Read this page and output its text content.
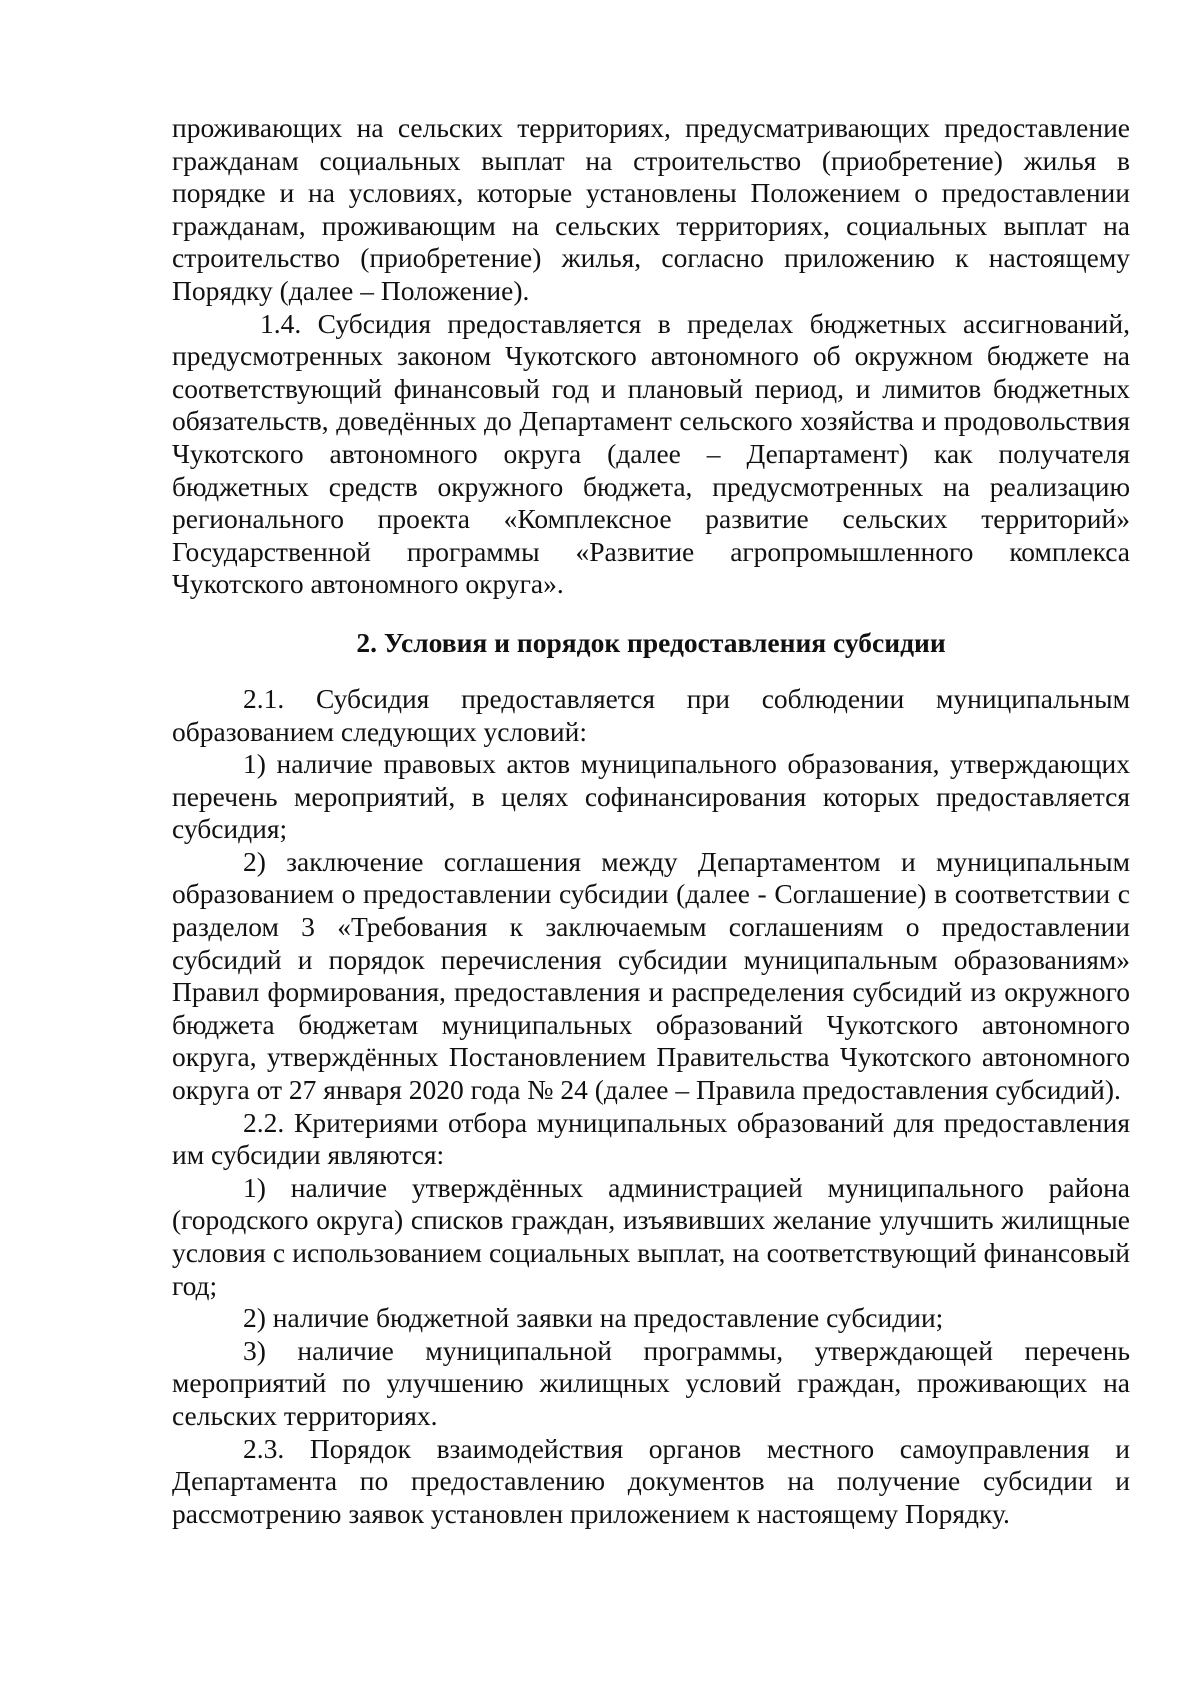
проживающих на сельских территориях, предусматривающих предоставление гражданам социальных выплат на строительство (приобретение) жилья в порядке и на условиях, которые установлены Положением о предоставлении гражданам, проживающим на сельских территориях, социальных выплат на строительство (приобретение) жилья, согласно приложению к настоящему Порядку (далее – Положение).

1.4. Субсидия предоставляется в пределах бюджетных ассигнований, предусмотренных законом Чукотского автономного об окружном бюджете на соответствующий финансовый год и плановый период, и лимитов бюджетных обязательств, доведённых до Департамент сельского хозяйства и продовольствия Чукотского автономного округа (далее – Департамент) как получателя бюджетных средств окружного бюджета, предусмотренных на реализацию регионального проекта «Комплексное развитие сельских территорий» Государственной программы «Развитие агропромышленного комплекса Чукотского автономного округа».

2. Условия и порядок предоставления субсидии

2.1. Субсидия предоставляется при соблюдении муниципальным образованием следующих условий:

1) наличие правовых актов муниципального образования, утверждающих перечень мероприятий, в целях софинансирования которых предоставляется субсидия;

2) заключение соглашения между Департаментом и муниципальным образованием о предоставлении субсидии (далее - Соглашение) в соответствии с разделом 3 «Требования к заключаемым соглашениям о предоставлении субсидий и порядок перечисления субсидии муниципальным образованиям» Правил формирования, предоставления и распределения субсидий из окружного бюджета бюджетам муниципальных образований Чукотского автономного округа, утверждённых Постановлением Правительства Чукотского автономного округа от 27 января 2020 года № 24 (далее – Правила предоставления субсидий).

2.2. Критериями отбора муниципальных образований для предоставления им субсидии являются:

1) наличие утверждённых администрацией муниципального района (городского округа) списков граждан, изъявивших желание улучшить жилищные условия с использованием социальных выплат, на соответствующий финансовый год;

2) наличие бюджетной заявки на предоставление субсидии;

3) наличие муниципальной программы, утверждающей перечень мероприятий по улучшению жилищных условий граждан, проживающих на сельских территориях.

2.3. Порядок взаимодействия органов местного самоуправления и Департамента по предоставлению документов на получение субсидии и рассмотрению заявок установлен приложением к настоящему Порядку.
